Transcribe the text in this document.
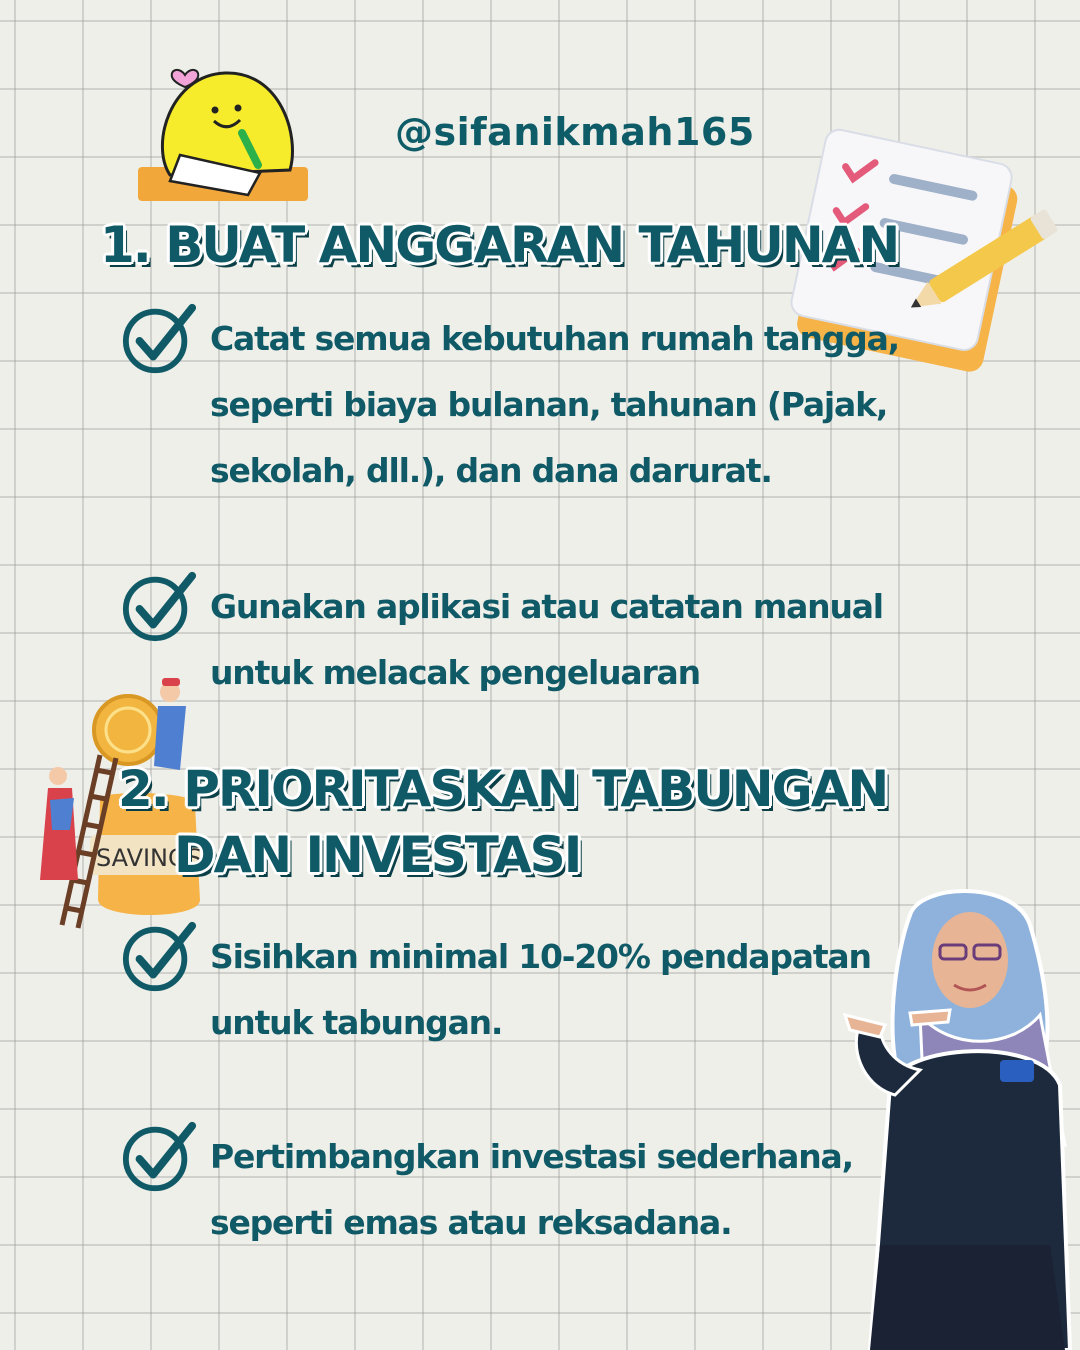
@sifanikmah165
1. BUAT ANGGARAN TAHUNAN
Catat semua kebutuhan rumah tangga,
seperti biaya bulanan, tahunan (Pajak,
sekolah, dll.), dan dana darurat.
Gunakan aplikasi atau catatan manual
untuk melacak pengeluaran
SAVINGS
2. PRIORITASKAN TABUNGAN
DAN INVESTASI
Sisihkan minimal 10-20% pendapatan
untuk tabungan.
Pertimbangkan investasi sederhana,
seperti emas atau reksadana.
